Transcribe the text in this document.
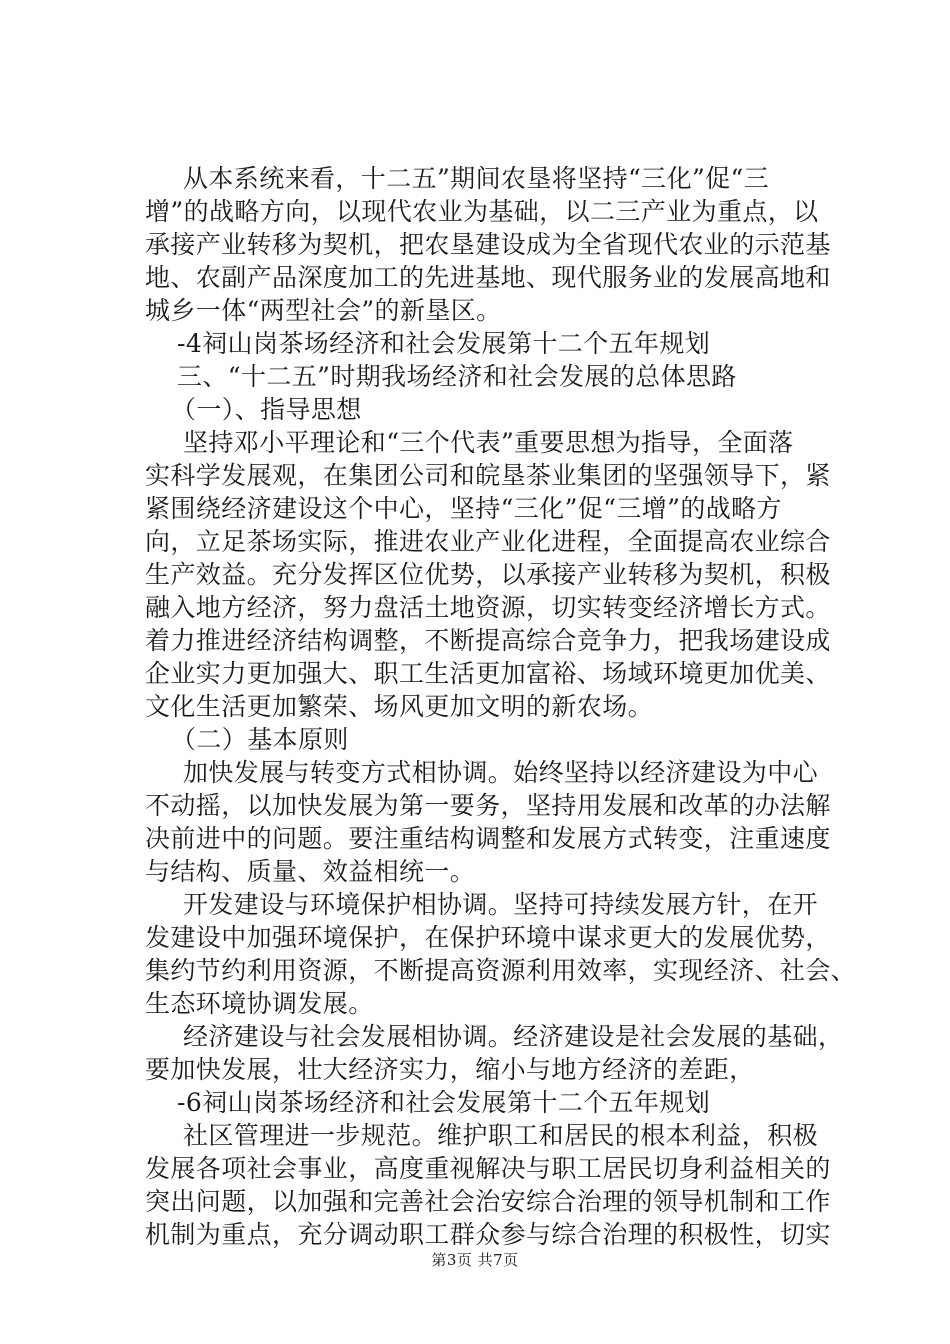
从本系统来看，十二五”期间农垦将坚持“三化”促“三
增”的战略方向，以现代农业为基础，以二三产业为重点，以
承接产业转移为契机，把农垦建设成为全省现代农业的示范基
地、农副产品深度加工的先进基地、现代服务业的发展高地和
城乡一体“两型社会”的新垦区。
-4祠山岗茶场经济和社会发展第十二个五年规划
三、“十二五”时期我场经济和社会发展的总体思路
（一）、指导思想
坚持邓小平理论和“三个代表”重要思想为指导，全面落
实科学发展观，在集团公司和皖垦茶业集团的坚强领导下，紧
紧围绕经济建设这个中心，坚持“三化”促“三增”的战略方
向，立足茶场实际，推进农业产业化进程，全面提高农业综合
生产效益。充分发挥区位优势，以承接产业转移为契机，积极
融入地方经济，努力盘活土地资源，切实转变经济增长方式。
着力推进经济结构调整，不断提高综合竞争力，把我场建设成
企业实力更加强大、职工生活更加富裕、场域环境更加优美、
文化生活更加繁荣、场风更加文明的新农场。
（二）基本原则
加快发展与转变方式相协调。始终坚持以经济建设为中心
不动摇，以加快发展为第一要务，坚持用发展和改革的办法解
决前进中的问题。要注重结构调整和发展方式转变，注重速度
与结构、质量、效益相统一。
开发建设与环境保护相协调。坚持可持续发展方针，在开
发建设中加强环境保护，在保护环境中谋求更大的发展优势，
集约节约利用资源，不断提高资源利用效率，实现经济、社会、
生态环境协调发展。
经济建设与社会发展相协调。经济建设是社会发展的基础，
要加快发展，壮大经济实力，缩小与地方经济的差距，
-6祠山岗茶场经济和社会发展第十二个五年规划
社区管理进一步规范。维护职工和居民的根本利益，积极
发展各项社会事业，高度重视解决与职工居民切身利益相关的
突出问题，以加强和完善社会治安综合治理的领导机制和工作
机制为重点，充分调动职工群众参与综合治理的积极性，切实
第3页 共7页
